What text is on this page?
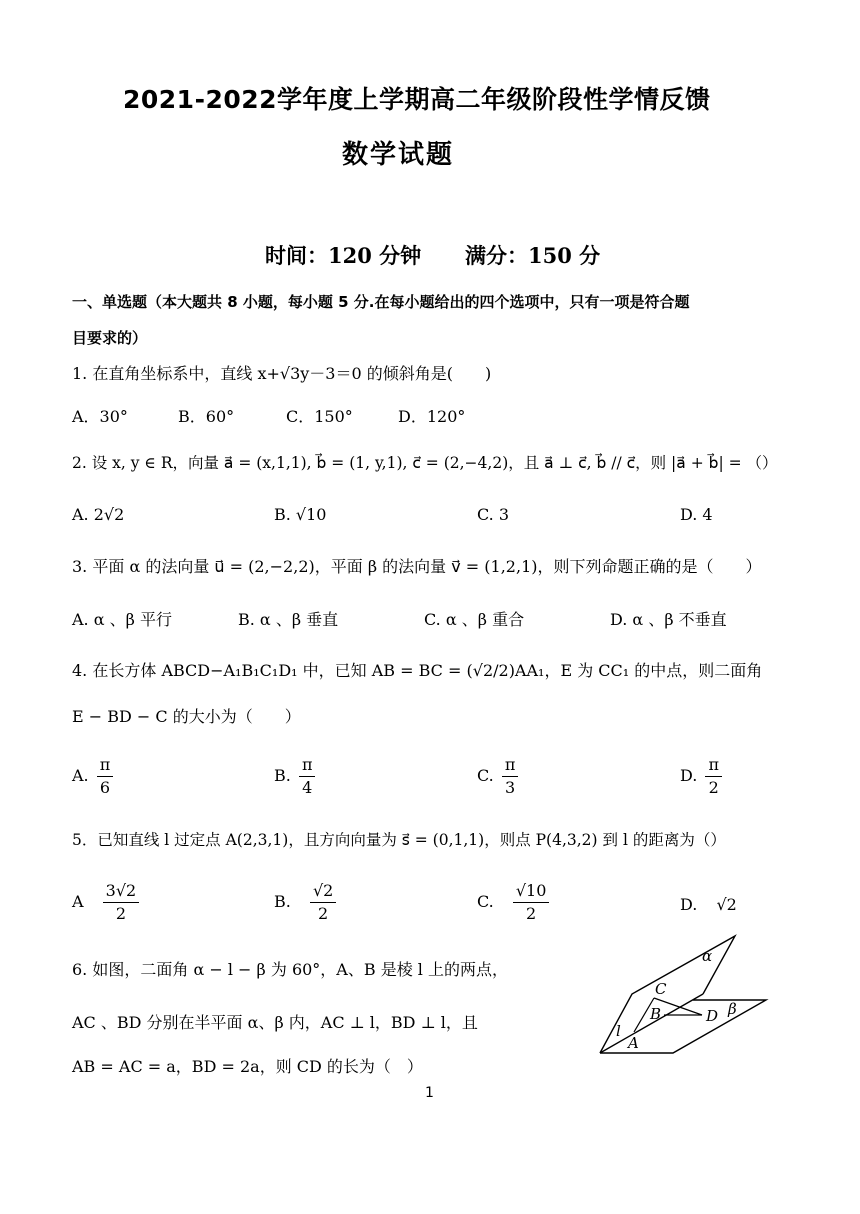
2021-2022学年度上学期高二年级阶段性学情反馈
数学试题
时间：120 分钟      满分：150 分
一、单选题（本大题共 8 小题，每小题 5 分.在每小题给出的四个选项中，只有一项是符合题
目要求的）
1. 在直角坐标系中，直线 x+√3y－3＝0 的倾斜角是(　　)
A．30°	B．60°	C．150°	D．120°
2. 设 x, y ∈ R，向量 a⃗ = (x,1,1), b⃗ = (1, y,1), c⃗ = (2,−4,2)，且 a⃗ ⊥ c⃗, b⃗ // c⃗，则 |a⃗ + b⃗| = （）
A. 2√2	B. √10	C. 3	D. 4
3. 平面 α 的法向量 u⃗ = (2,−2,2)，平面 β 的法向量 v⃗ = (1,2,1)，则下列命题正确的是（　　）
A. α 、β 平行	B. α 、β 垂直	C. α 、β 重合	D. α 、β 不垂直
4. 在长方体 ABCD−A₁B₁C₁D₁ 中，已知 AB = BC = (√2/2)AA₁，E 为 CC₁ 的中点，则二面角
E − BD − C 的大小为（　　）
A. $\frac{\pi}{6}$	B. $\frac{\pi}{4}$	C. $\frac{\pi}{3}$	D. $\frac{\pi}{2}$
5．已知直线 l 过定点 A(2,3,1)，且方向向量为 s⃗ = (0,1,1)，则点 P(4,3,2) 到 l 的距离为（）
A $\frac{3√2}{2}$	B. $\frac{√2}{2}$	C. $\frac{√10}{2}$	D. √2
6. 如图，二面角 α − l − β 为 60°，A、B 是棱 l 上的两点，
AC 、BD 分别在半平面 α、β 内，AC ⊥ l，BD ⊥ l，且
AB = AC = a，BD = 2a，则 CD 的长为（　）
α
β
C
B	D
A
l
1
